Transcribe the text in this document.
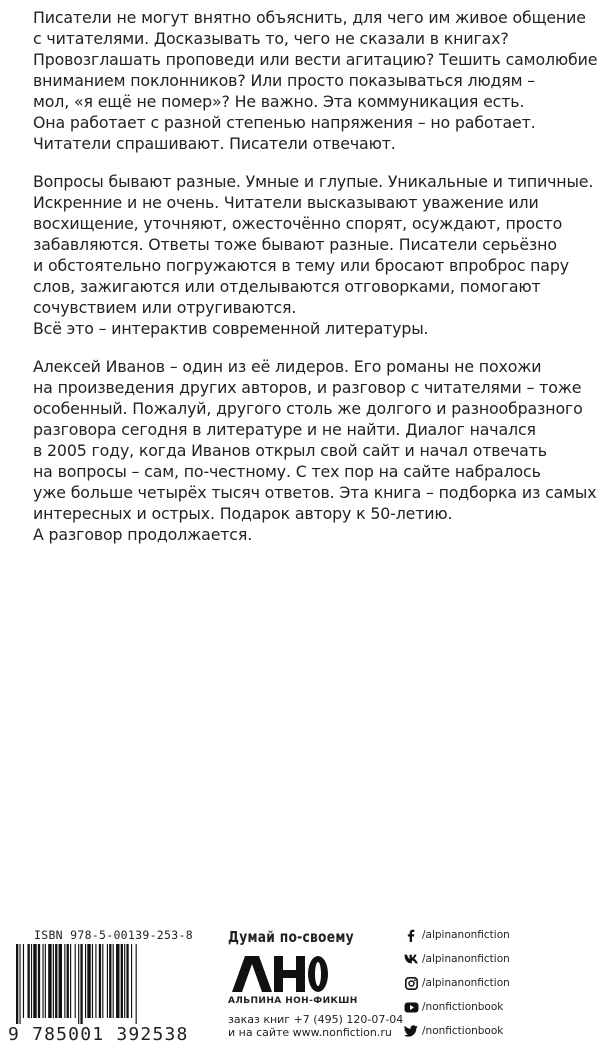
Писатели не могут внятно объяснить, для чего им живое общение
с читателями. Досказывать то, чего не сказали в книгах?
Провозглашать проповеди или вести агитацию? Тешить самолюбие
вниманием поклонников? Или просто показываться людям –
мол, «я ещё не помер»? Не важно. Эта коммуникация есть.
Она работает с разной степенью напряжения – но работает.
Читатели спрашивают. Писатели отвечают.

Вопросы бывают разные. Умные и глупые. Уникальные и типичные.
Искренние и не очень. Читатели высказывают уважение или
восхищение, уточняют, ожесточённо спорят, осуждают, просто
забавляются. Ответы тоже бывают разные. Писатели серьёзно
и обстоятельно погружаются в тему или бросают впроброс пару
слов, зажигаются или отделываются отговорками, помогают
сочувствием или отругиваются.
Всё это – интерактив современной литературы.

Алексей Иванов – один из её лидеров. Его романы не похожи
на произведения других авторов, и разговор с читателями – тоже
особенный. Пожалуй, другого столь же долгого и разнообразного
разговора сегодня в литературе и не найти. Диалог начался
в 2005 году, когда Иванов открыл свой сайт и начал отвечать
на вопросы – сам, по-честному. С тех пор на сайте набралось
уже больше четырёх тысяч ответов. Эта книга – подборка из самых
интересных и острых. Подарок автору к 50-летию.
А разговор продолжается.

ISBN 978-5-00139-253-8
9 785001 392538
Думай по-своему
АЛЬПИНА НОН-ФИКШН
заказ книг +7 (495) 120-07-04
и на сайте www.nonfiction.ru
/alpinanonfiction
/alpinanonfiction
/alpinanonfiction
/nonfictionbook
/nonfictionbook
